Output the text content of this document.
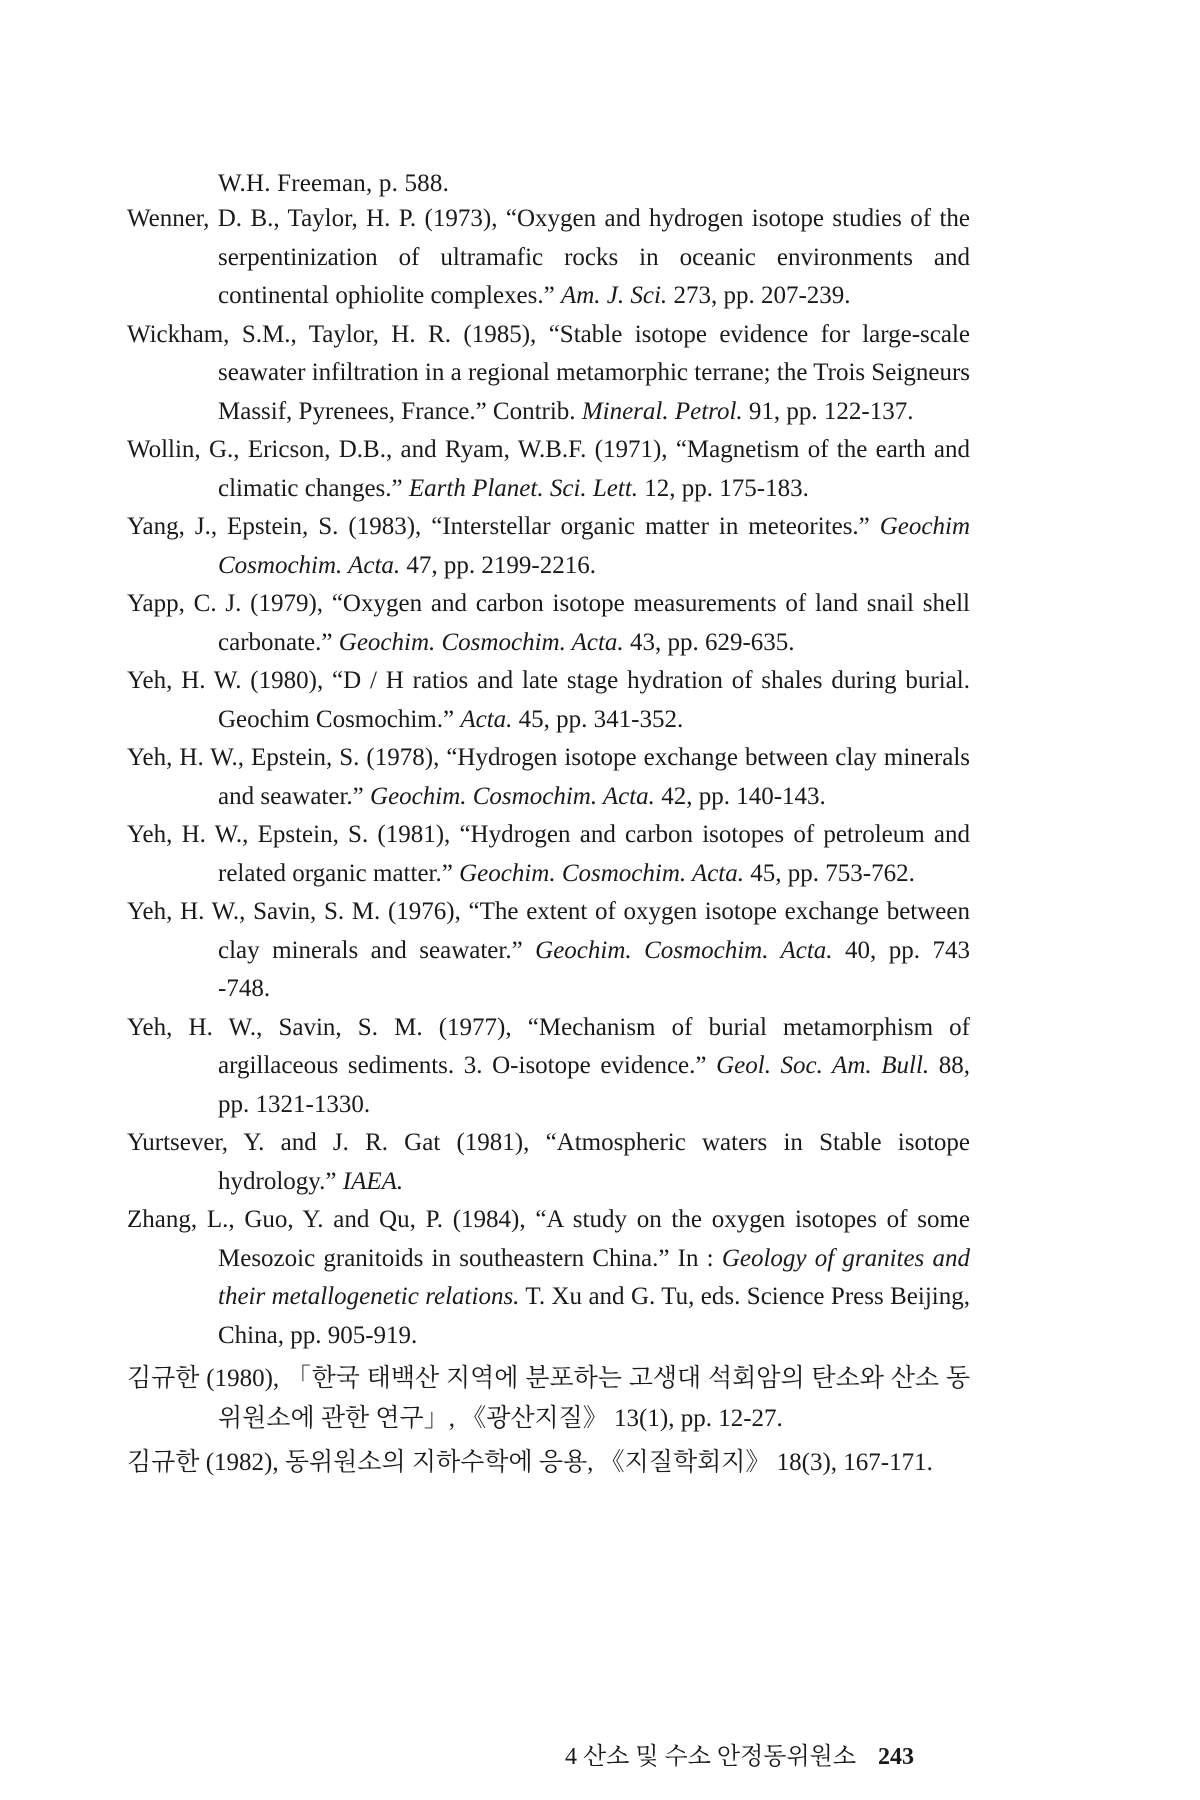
W.H. Freeman, p. 588.

Wenner, D. B., Taylor, H. P. (1973), “Oxygen and hydrogen isotope studies of the serpentinization of ultramafic rocks in oceanic environments and continental ophiolite complexes.” Am. J. Sci. 273, pp. 207-239.

Wickham, S.M., Taylor, H. R. (1985), “Stable isotope evidence for large-scale seawater infiltration in a regional metamorphic terrane; the Trois Seigneurs Massif, Pyrenees, France.” Contrib. Mineral. Petrol. 91, pp. 122-137.

Wollin, G., Ericson, D.B., and Ryam, W.B.F. (1971), “Magnetism of the earth and climatic changes.” Earth Planet. Sci. Lett. 12, pp. 175-183.

Yang, J., Epstein, S. (1983), “Interstellar organic matter in meteorites.” Geochim Cosmochim. Acta. 47, pp. 2199-2216.

Yapp, C. J. (1979), “Oxygen and carbon isotope measurements of land snail shell carbonate.” Geochim. Cosmochim. Acta. 43, pp. 629-635.

Yeh, H. W. (1980), “D / H ratios and late stage hydration of shales during burial. Geochim Cosmochim.” Acta. 45, pp. 341-352.

Yeh, H. W., Epstein, S. (1978), “Hydrogen isotope exchange between clay minerals and seawater.” Geochim. Cosmochim. Acta. 42, pp. 140-143.

Yeh, H. W., Epstein, S. (1981), “Hydrogen and carbon isotopes of petroleum and related organic matter.” Geochim. Cosmochim. Acta. 45, pp. 753-762.

Yeh, H. W., Savin, S. M. (1976), “The extent of oxygen isotope exchange between clay minerals and seawater.” Geochim. Cosmochim. Acta. 40, pp. 743 -748.

Yeh, H. W., Savin, S. M. (1977), “Mechanism of burial metamorphism of argillaceous sediments. 3. O-isotope evidence.” Geol. Soc. Am. Bull. 88, pp. 1321-1330.

Yurtsever, Y. and J. R. Gat (1981), “Atmospheric waters in Stable isotope hydrology.” IAEA.

Zhang, L., Guo, Y. and Qu, P. (1984), “A study on the oxygen isotopes of some Mesozoic granitoids in southeastern China.” In : Geology of granites and their metallogenetic relations. T. Xu and G. Tu, eds. Science Press Beijing, China, pp. 905-919.

김규한 (1980), 「한국 태백산 지역에 분포하는 고생대 석회암의 탄소와 산소 동위원소에 관한 연구」, 《광산지질》 13(1), pp. 12-27.

김규한 (1982), 동위원소의 지하수학에 응용, 《지질학회지》 18(3), 167-171.

4 산소 및 수소 안정동위원소 243
